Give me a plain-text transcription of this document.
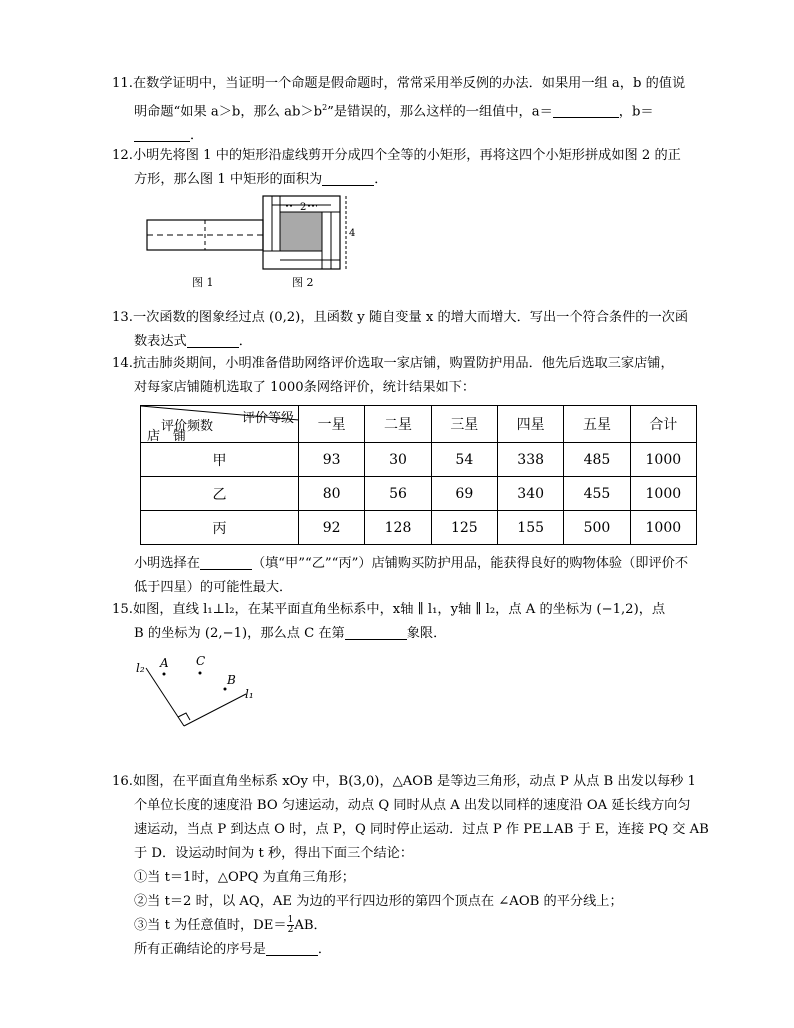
11.在数学证明中，当证明一个命题是假命题时，常常采用举反例的办法．如果用一组 a，b 的值说
明命题“如果 a＞b，那么 $ab>b^2$”是错误的，那么这样的一组值中，a＝	，b＝
．
12.小明先将图 1 中的矩形沿虚线剪开分成四个全等的小矩形，再将这四个小矩形拼成如图 2 的正
方形，那么图 1 中矩形的面积为	．
2
4
图 1	图 2
13.一次函数的图象经过点 (0,2)，且函数 y 随自变量 x 的增大而增大．写出一个符合条件的一次函
数表达式	．
14.抗击肺炎期间，小明准备借助网络评价选取一家店铺，购置防护用品．他先后选取三家店铺，
对每家店铺随机选取了 1000条网络评价，统计结果如下：
评价等级
评价频数
店　铺	一星	二星	三星	四星	五星	合计
甲	93	30	54	338	485	1000
乙	80	56	69	340	455	1000
丙	92	128	125	155	500	1000
小明选择在	（填“甲”“乙”“丙”）店铺购买防护用品，能获得良好的购物体验（即评价不
低于四星）的可能性最大．
15.如图，直线 l₁⊥l₂，在某平面直角坐标系中，x轴 ∥ l₁，y轴 ∥ l₂，点 A 的坐标为 (−1,2)，点
B 的坐标为 (2,−1)，那么点 C 在第	象限．
l₂
l₁
A C
B
16.如图，在平面直角坐标系 xOy 中，B(3,0)，△AOB 是等边三角形，动点 P 从点 B 出发以每秒 1
个单位长度的速度沿 BO 匀速运动，动点 Q 同时从点 A 出发以同样的速度沿 OA 延长线方向匀
速运动，当点 P 到达点 O 时，点 P，Q 同时停止运动．过点 P 作 PE⊥AB 于 E，连接 PQ 交 AB
于 D．设运动时间为 t 秒，得出下面三个结论：
①当 t＝1时，△OPQ 为直角三角形；
②当 t＝2 时，以 AQ，AE 为边的平行四边形的第四个顶点在 ∠AOB 的平分线上；
③当 t 为任意值时，$DE= \frac{1}{2}$ AB．
所有正确结论的序号是	．
